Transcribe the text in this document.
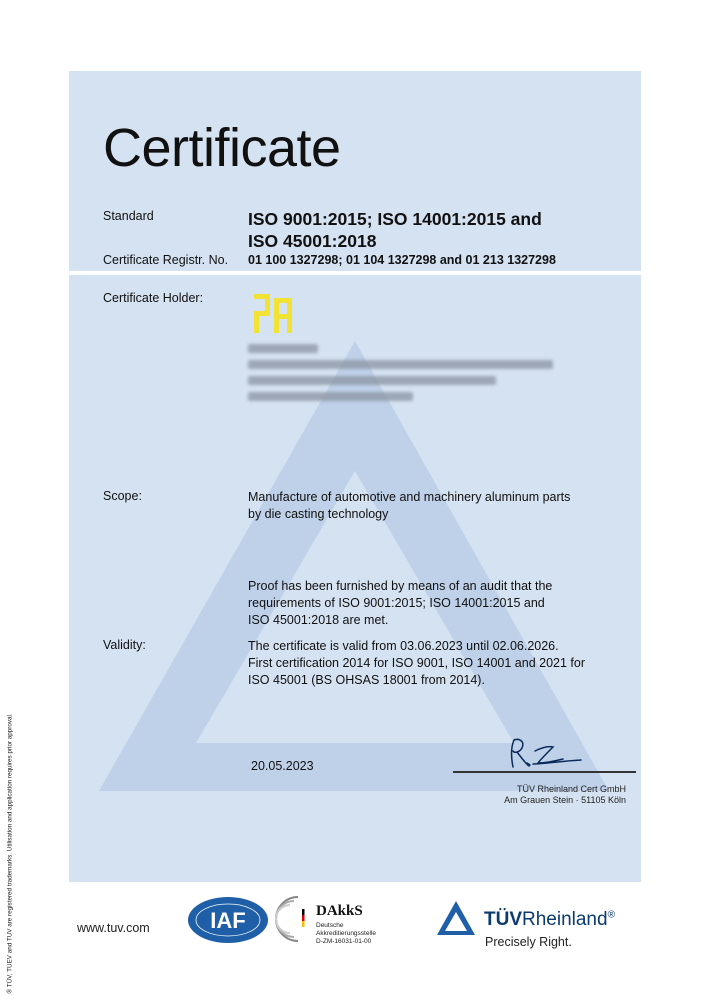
Certificate
Standard	ISO 9001:2015; ISO 14001:2015 and
ISO 45001:2018
Certificate Registr. No. 01 100 1327298; 01 104 1327298 and 01 213 1327298
Certificate Holder:
Scope:	Manufacture of automotive and machinery aluminum parts
by die casting technology
Proof has been furnished by means of an audit that the
requirements of ISO 9001:2015; ISO 14001:2015 and
ISO 45001:2018 are met.
Validity:	The certificate is valid from 03.06.2023 until 02.06.2026.
First certification 2014 for ISO 9001, ISO 14001 and 2021 for
ISO 45001 (BS OHSAS 18001 from 2014).
20.05.2023
TÜV Rheinland Cert GmbH
Am Grauen Stein · 51105 Köln
® TÜV, TUEV and TUV are registered trademarks. Utilisation and application requires prior approval.	www.tuv.com	IAF	DAkkS
Deutsche
Akkreditierungsstelle
D-ZM-16031-01-00
TÜVRheinland®
Precisely Right.
